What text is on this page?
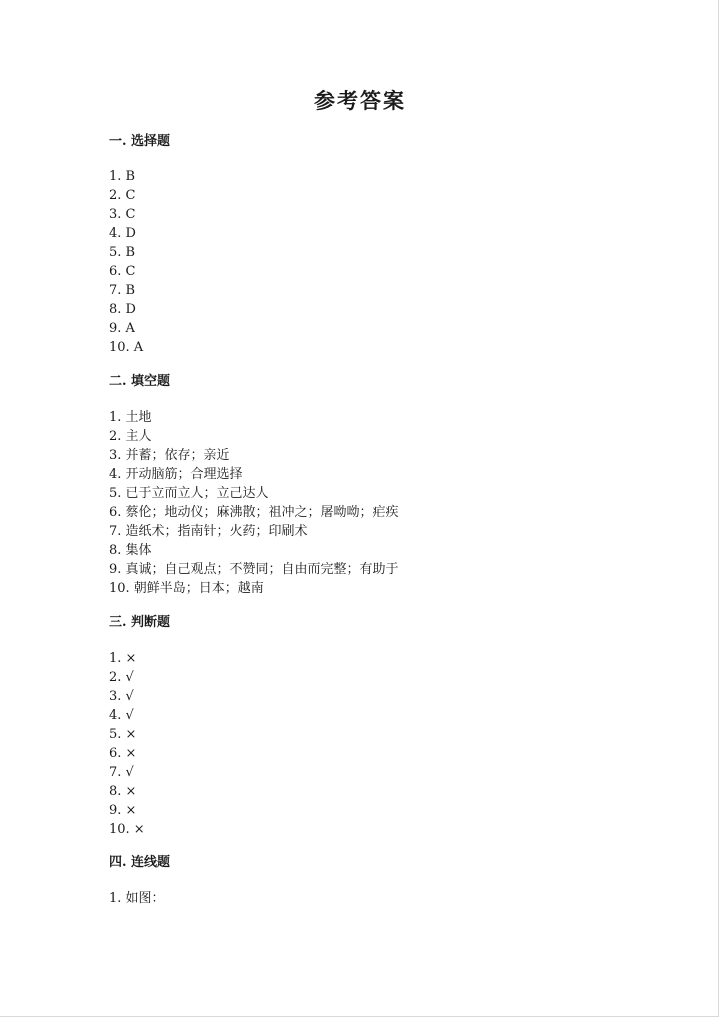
参考答案
一. 选择题
1. B
2. C
3. C
4. D
5. B
6. C
7. B
8. D
9. A
10. A
二. 填空题
1. 土地
2. 主人
3. 并蓄；依存；亲近
4. 开动脑筋；合理选择
5. 已于立而立人；立己达人
6. 蔡伦；地动仪；麻沸散；祖冲之；屠呦呦；疟疾
7. 造纸术；指南针；火药；印刷术
8. 集体
9. 真诚；自己观点；不赞同；自由而完整；有助于
10. 朝鲜半岛；日本；越南
三. 判断题
1. ×
2. √
3. √
4. √
5. ×
6. ×
7. √
8. ×
9. ×
10. ×
四. 连线题
1. 如图：
